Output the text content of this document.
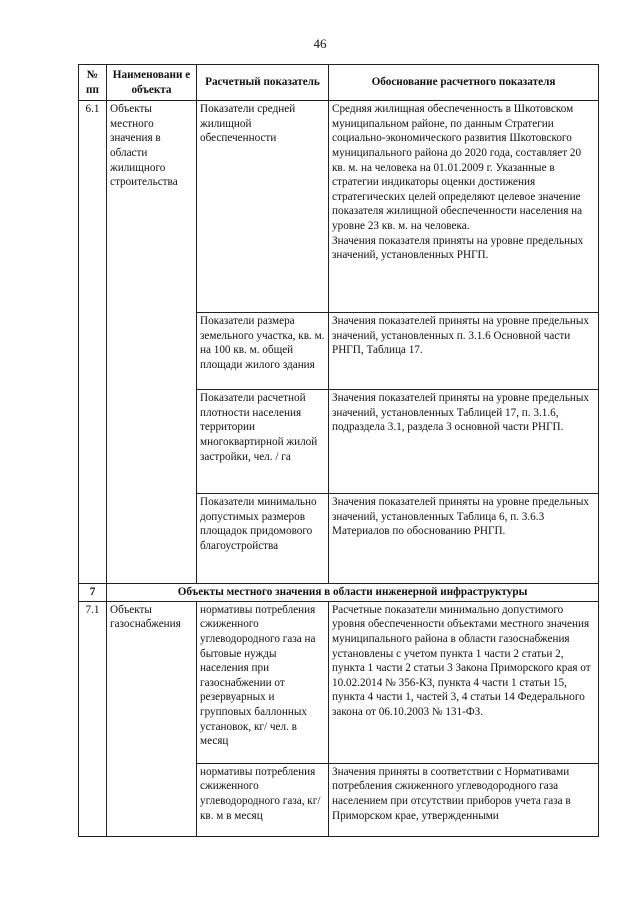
46
№ пп	Наименовани е объекта	Расчетный показатель	Обоснование расчетного показателя
6.1	Объекты местного значения в области жилищного строительства	Показатели средней жилищной обеспеченности	Средняя жилищная обеспеченность в Шкотовском муниципальном районе, по данным Стратегии социально-экономического развития Шкотовского муниципального района до 2020 года, составляет 20 кв. м. на человека на 01.01.2009 г. Указанные в стратегии индикаторы оценки достижения стратегических целей определяют целевое значение показателя жилищной обеспеченности населения на уровне 23 кв. м. на человека.
Значения показателя приняты на уровне предельных значений, установленных РНГП.

		Показатели размера земельного участка, кв. м. на 100 кв. м. общей площади жилого здания	Значения показателей приняты на уровне предельных значений, установленных п. 3.1.6 Основной части РНГП, Таблица 17.
		Показатели расчетной плотности населения территории многоквартирной жилой застройки, чел. / га	Значения показателей приняты на уровне предельных значений, установленных Таблицей 17, п. 3.1.6, подраздела 3.1, раздела 3 основной части РНГП.
		Показатели минимально допустимых размеров площадок придомового благоустройства	Значения показателей приняты на уровне предельных значений, установленных Таблица 6, п. 3.6.3 Материалов по обоснованию РНГП.
7	Объекты местного значения в области инженерной инфраструктуры		
7.1	Объекты газоснабжения	нормативы потребления сжиженного углеводородного газа на бытовые нужды населения при газоснабжении от резервуарных и групповых баллонных установок, кг/ чел. в месяц	Расчетные показатели минимально допустимого уровня обеспеченности объектами местного значения муниципального района в области газоснабжения установлены с учетом пункта 1 части 2 статьи 2, пункта 1 части 2 статьи 3 Закона Приморского края от 10.02.2014 № 356-КЗ, пункта 4 части 1 статьи 15, пункта 4 части 1, частей 3, 4 статьи 14 Федерального закона от 06.10.2003 № 131-ФЗ.
		нормативы потребления сжиженного углеводородного газа, кг/ кв. м в месяц	Значения приняты в соответствии с Нормативами потребления сжиженного углеводородного газа населением при отсутствии приборов учета газа в Приморском крае, утвержденными
